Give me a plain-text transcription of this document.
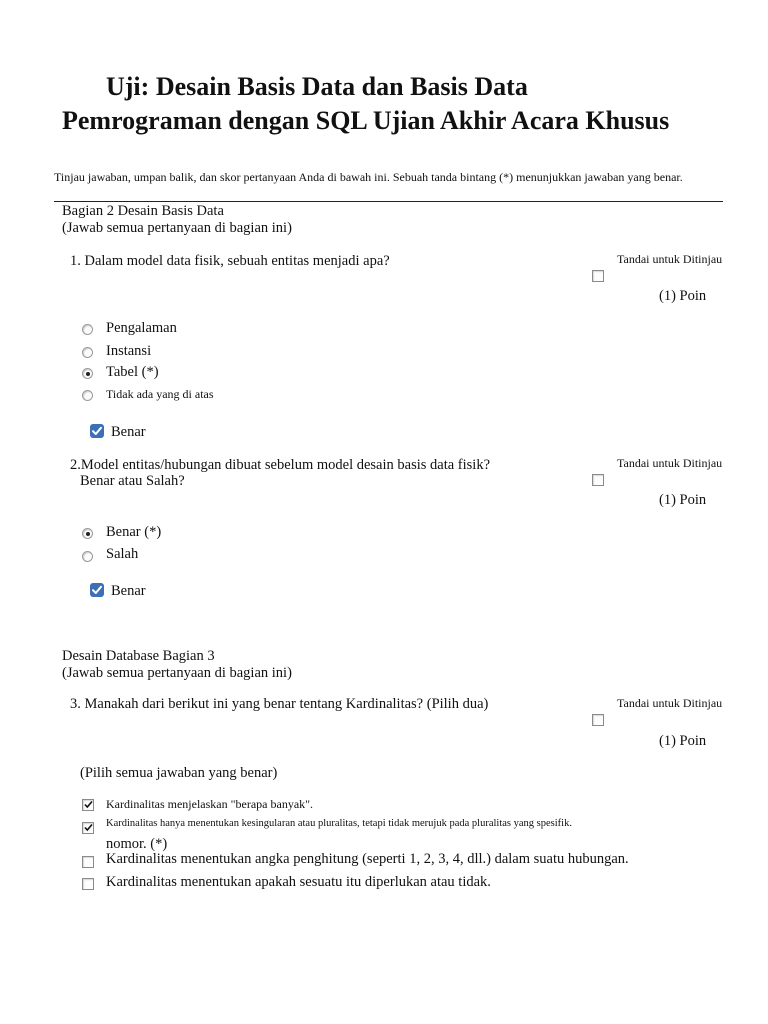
Uji: Desain Basis Data dan Basis Data
Pemrograman dengan SQL Ujian Akhir Acara Khusus
Tinjau jawaban, umpan balik, dan skor pertanyaan Anda di bawah ini. Sebuah tanda bintang (*) menunjukkan jawaban yang benar.
Bagian 2 Desain Basis Data
(Jawab semua pertanyaan di bagian ini)
1. Dalam model data fisik, sebuah entitas menjadi apa?	Tandai untuk Ditinjau
(1) Poin
Pengalaman
Instansi
Tabel (*)
Tidak ada yang di atas
Benar
2.Model entitas/hubungan dibuat sebelum model desain basis data fisik?
Benar atau Salah?
Tandai untuk Ditinjau
(1) Poin
Benar (*)
Salah
Benar
Desain Database Bagian 3
(Jawab semua pertanyaan di bagian ini)
3. Manakah dari berikut ini yang benar tentang Kardinalitas? (Pilih dua)	Tandai untuk Ditinjau
(1) Poin
(Pilih semua jawaban yang benar)
Kardinalitas menjelaskan "berapa banyak".
Kardinalitas hanya menentukan kesingularan atau pluralitas, tetapi tidak merujuk pada pluralitas yang spesifik.
nomor. (*)
Kardinalitas menentukan angka penghitung (seperti 1, 2, 3, 4, dll.) dalam suatu hubungan.
Kardinalitas menentukan apakah sesuatu itu diperlukan atau tidak.
